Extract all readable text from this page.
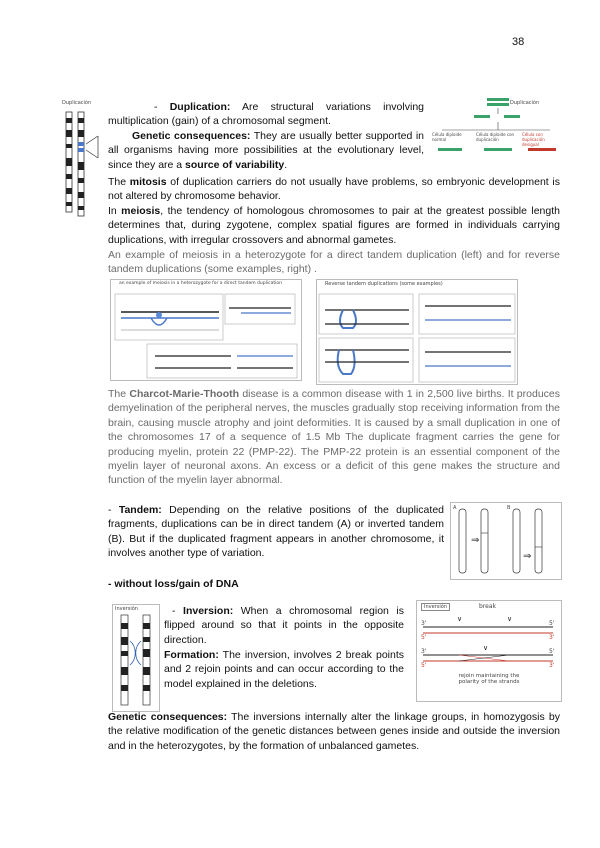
38
Duplicación	- Duplication: Are structural variations involving multiplication (gain) of a chromosomal segment.
Genetic consequences: They are usually better supported in all organisms having more possibilities at the evolutionary level, since they are a source of variability.
Duplicación
Célula diploide normal
Célula diploide con duplicación
Célula con duplicación desigual
The mitosis of duplication carriers do not usually have problems, so embryonic development is not altered by chromosome behavior.
In meiosis, the tendency of homologous chromosomes to pair at the greatest possible length determines that, during zygotene, complex spatial figures are formed in individuals carrying duplications, with irregular crossovers and abnormal gametes.
An example of meiosis in a heterozygote for a direct tandem duplication (left) and for reverse tandem duplications (some examples, right) .
an example of meiosis in a heterozygote for a direct tandem duplication	Reverse tandem duplications (some examples)
The Charcot-Marie-Thooth disease is a common disease with 1 in 2,500 live births. It produces demyelination of the peripheral nerves, the muscles gradually stop receiving information from the brain, causing muscle atrophy and joint deformities. It is caused by a small duplication in one of the chromosomes 17 of a sequence of 1.5 Mb The duplicate fragment carries the gene for producing myelin, protein 22 (PMP-22). The PMP-22 protein is an essential component of the myelin layer of neuronal axons. An excess or a deficit of this gene makes the structure and function of the myelin layer abnormal.
- Tandem: Depending on the relative positions of the duplicated fragments, duplications can be in direct tandem (A) or inverted tandem (B). But if the duplicated fragment appears in another chromosome, it involves another type of variation.
⇒
⇒
A	B
- without loss/gain of DNA
Inversión	- Inversion: When a chromosomal region is flipped around so that it points in the opposite direction.
Formation: The inversion, involves 2 break points and 2 rejoin points and can occur according to the model explained in the deletions.
Inversión	break
∨	∨
∨
3'
5'
5'
3'
3'
5'
5'
3'
rejoin maintaining the polarity of the strands
Genetic consequences: The inversions internally alter the linkage groups, in homozygosis by the relative modification of the genetic distances between genes inside and outside the inversion and in the heterozygotes, by the formation of unbalanced gametes.
